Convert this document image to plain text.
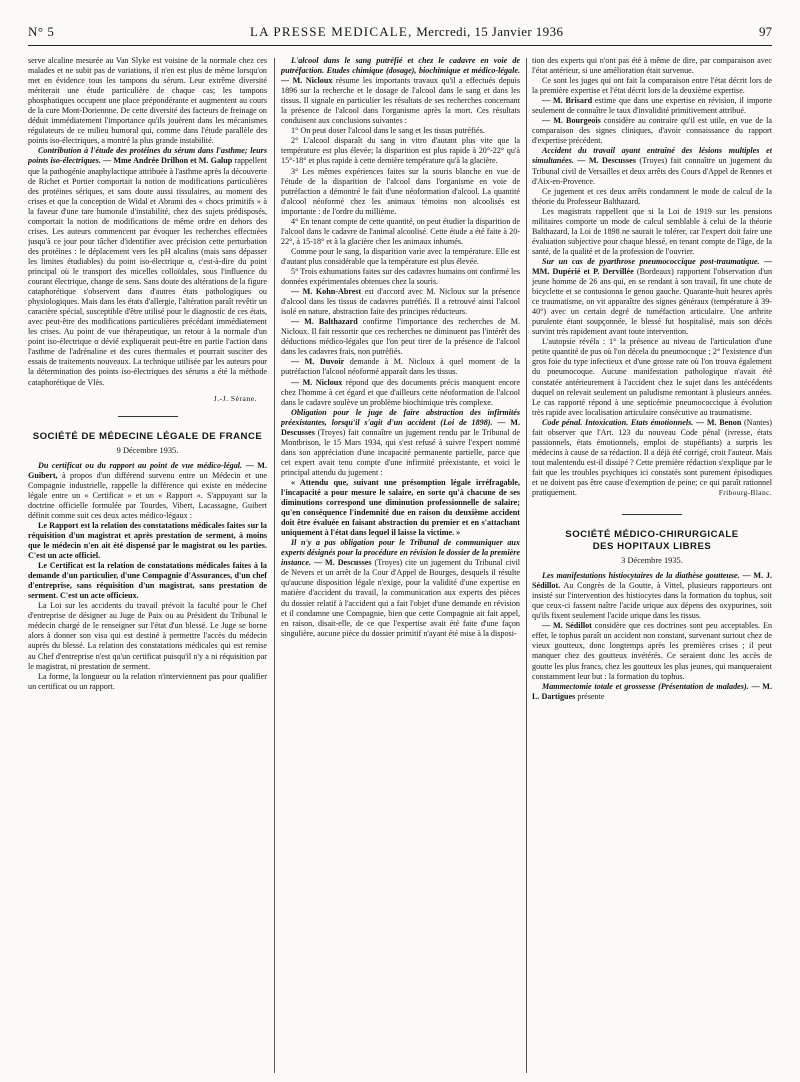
N° 5	LA PRESSE MEDICALE, Mercredi, 15 Janvier 1936	97

serve alcaline mesurée au Van Slyke est voisine de la normale chez ces malades et ne subit pas de variations, il n'en est plus de même lorsqu'on met en évidence tous les tampons du sérum. Leur extrême diversité mériterait une étude particulière de chaque cas; les tampons phosphatiques occupent une place prépondérante et augmentent au cours de la cure Mont-Doriennne. De cette diversité des facteurs de freinage on déduit immédiatement l'importance qu'ils jouèrent dans les mécanismes régulateurs de ce milieu humoral qui, comme dans l'étude parallèle des points iso-électriques, a montré la plus grande instabilité.

Contribution à l'étude des protéines du sérum dans l'asthme; leurs points iso-électriques. — Mme Andrée Drilhon et M. Galup rappellent que la pathogénie anaphylactique attribuée à l'asthme après la découverte de Richet et Portier comportait la notion de modifications particulières des protéines sériques, et sans doute aussi tissulaires, au moment des crises et que la conception de Widal et Abrami des « chocs primitifs » à la faveur d'une tare humorale d'instabilité, chez des sujets prédisposés, comportait la notion de modifications de même ordre en dehors des crises. Les auteurs commencent par évoquer les recherches effectuées jusqu'à ce jour pour tâcher d'identifier avec précision cette perturbation des protéines : le déplacement vers les pH alcalins (mais sans dépasser les limites étudiables) du point iso-électrique α, c'est-à-dire du point principal où le transport des micelles colloïdales, sous l'influence du courant électrique, change de sens. Sans doute des altérations de la figure cataphorétique s'observent dans d'autres états pathologiques ou physiologiques. Mais dans les états d'allergie, l'altération paraît revêtir un caractère spécial, susceptible d'être utilisé pour le diagnostic de ces états, avec peut-être des modifications particulières précédant immédiatement les crises. Au point de vue thérapeutique, un retour à la normale d'un point iso-électrique α dévié expliquerait peut-être en partie l'action dans l'asthme de l'adrénaline et des cures thermales et pourrait susciter des essais de traitements nouveaux. La technique utilisée par les auteurs pour la détermination des points iso-électriques des sérums a été la méthode cataphorétique de Vlès.

J.-J. Sérane.
SOCIÉTÉ DE MÉDECINE LÉGALE DE FRANCE
9 Décembre 1935.

Du certificat ou du rapport au point de vue médico-légal. — M. Guibert, à propos d'un différend survenu entre un Médecin et une Compagnie industrielle, rappelle la différence qui existe en médecine légale entre un « Certificat » et un « Rapport ». S'appuyant sur la doctrine officielle formulée par Tourdes, Vibert, Lacassagne, Guibert définit comme suit ces deux actes médico-légaux :

Le Rapport est la relation des constatations médicales faites sur la réquisition d'un magistrat et après prestation de serment, à moins que le médecin n'en ait été dispensé par le magistrat ou les parties. C'est un acte officiel.

Le Certificat est la relation de constatations médicales faites à la demande d'un particulier, d'une Compagnie d'Assurances, d'un chef d'entreprise, sans réquisition d'un magistrat, sans prestation de serment. C'est un acte officieux.

La Loi sur les accidents du travail prévoit la faculté pour le Chef d'entreprise de désigner au Juge de Paix ou au Président du Tribunal le médecin chargé de le renseigner sur l'état d'un blessé. Le Juge se borne alors à donner son visa qui est destiné à permettre l'accès du médecin auprès du blessé. La relation des constatations médicales qui est remise au Chef d'entreprise n'est qu'un certificat puisqu'il n'y a ni réquisition par le magistrat, ni prestation de serment.

La forme, la longueur ou la relation n'interviennent pas pour qualifier un certificat ou un rapport.

L'alcool dans le sang putréfié et chez le cadavre en voie de putréfaction. Etudes chimique (dosage), biochimique et médico-légale. — M. Nicloux résume les importants travaux qu'il a effectués depuis 1896 sur la recherche et le dosage de l'alcool dans le sang et dans les tissus. Il signale en particulier les résultats de ses recherches concernant la présence de l'alcool dans l'organisme après la mort. Ces résultats conduisent aux conclusions suivantes :

1° On peut doser l'alcool dans le sang et les tissus putréfiés.

2° L'alcool disparaît du sang in vitro d'autant plus vite que la température est plus élevée; la disparition est plus rapide à 20°-22° qu'à 15°-18° et plus rapide à cette dernière température qu'à la glacière.

3° Les mêmes expériences faites sur la souris blanche en vue de l'étude de la disparition de l'alcool dans l'organisme en voie de putréfaction a démontré le fait d'une néoformation d'alcool. La quantité d'alcool néoformé chez les animaux témoins non alcoolisés est importante : de l'ordre du millième.

4° En tenant compte de cette quantité, on peut étudier la disparition de l'alcool dans le cadavre de l'animal alcoolisé. Cette étude a été faite à 20-22°, à 15-18° et à la glacière chez les animaux inhumés.

Comme pour le sang, la disparition varie avec la température. Elle est d'autant plus considérable que la température est plus élevée.

5° Trois exhumations faites sur des cadavres humains ont confirmé les données expérimentales obtenues chez la souris.

— M. Kohn-Abrest est d'accord avec M. Nicloux sur la présence d'alcool dans les tissus de cadavres putréfiés. Il a retrouvé ainsi l'alcool isolé en nature, abstraction faite des principes réducteurs.

— M. Balthazard confirme l'importance des recherches de M. Nicloux. Il fait ressortir que ces recherches ne diminuent pas l'intérêt des déductions médico-légales que l'on peut tirer de la présence de l'alcool dans les cadavres frais, non putréfiés.

— M. Duvoir demande à M. Nicloux à quel moment de la putréfaction l'alcool néoformé apparaît dans les tissus.

— M. Nicloux répond que des documents précis manquent encore chez l'homme à cet égard et que d'ailleurs cette néoformation de l'alcool dans le cadavre soulève un problème biochimique très complexe.

Obligation pour le juge de faire abstraction des infirmités préexistantes, lorsqu'il s'agit d'un accident (Loi de 1898). — M. Descusses (Troyes) fait connaître un jugement rendu par le Tribunal de Montbrison, le 15 Mars 1934, qui s'est refusé à suivre l'expert nommé dans son appréciation d'une incapacité permanente partielle, parce que cet expert avait tenu compte d'une infirmité préexistante, et voici le principal attendu du jugement :

« Attendu que, suivant une présomption légale irréfragable, l'incapacité a pour mesure le salaire, en sorte qu'à chacune de ses diminutions correspond une diminution professionnelle de salaire; qu'en conséquence l'indemnité due en raison du deuxième accident doit être évaluée en faisant abstraction du premier et en s'attachant uniquement à l'état dans lequel il laisse la victime. »

Il n'y a pas obligation pour le Tribunal de communiquer aux experts désignés pour la procédure en révision le dossier de la première instance. — M. Descusses (Troyes) cite un jugement du Tribunal civil de Nevers et un arrêt de la Cour d'Appel de Bourges, desquels il résulte qu'aucune disposition légale n'exige, pour la validité d'une expertise en matière d'accident du travail, la communication aux experts des pièces du dossier relatif à l'accident qui a fait l'objet d'une demande en révision et il condamne une Compagnie, bien que cette Compagnie ait fait appel, en raison, disait-elle, de ce que l'expertise avait été faite d'une façon singulière, aucune pièce du dossier primitif n'ayant été mise à la disposi-

tion des experts qui n'ont pas été à même de dire, par comparaison avec l'état antérieur, si une amélioration était survenue.

Ce sont les juges qui ont fait la comparaison entre l'état décrit lors de la première expertise et l'état décrit lors de la deuxième expertise.

— M. Brisard estime que dans une expertise en révision, il importe seulement de connaître le taux d'invalidité primitivement attribué.

— M. Bourgeois considère au contraire qu'il est utile, en vue de la comparaison des signes cliniques, d'avoir connaissance du rapport d'expertise précédent.

Accident du travail ayant entraîné des lésions multiples et simultanées. — M. Descusses (Troyes) fait connaître un jugement du Tribunal civil de Versailles et deux arrêts des Cours d'Appel de Rennes et d'Aix-en-Provence.

Ce jugement et ces deux arrêts condamnent le mode de calcul de la théorie du Professeur Balthazard.

Les magistrats rappellent que si la Loi de 1919 sur les pensions militaires comporte un mode de calcul semblable à celui de la théorie Balthazard, la Loi de 1898 ne saurait le tolérer, car l'expert doit faire une évaluation subjective pour chaque blessé, en tenant compte de l'âge, de la santé, de la qualité et de la profession de l'ouvrier.

Sur un cas de pyarthrose pneumococcique post-traumatique. — MM. Dupérié et P. Dervillée (Bordeaux) rapportent l'observation d'un jeune homme de 26 ans qui, en se rendant à son travail, fit une chute de bicyclette et se contusionna le genou gauche. Quarante-huit heures après ce traumatisme, on vit apparaître des signes généraux (température à 39-40°) avec un certain degré de tuméfaction articulaire. Une arthrite purulente étant soupçonnée, le blessé fut hospitalisé, mais son décès survint très rapidement avant toute intervention.

L'autopsie révéla : 1° la présence au niveau de l'articulation d'une petite quantité de pus où l'on décela du pneumocoque ; 2° l'existence d'un gros foie du type infectieux et d'une grosse rate où l'on trouva également du pneumocoque. Aucune manifestation pathologique n'avait été constatée antérieurement à l'accident chez le sujet dans les antécédents duquel on relevait seulement un paludisme remontant à plusieurs années. Le cas rapporté répond à une septicémie pneumococcique à évolution très rapide avec localisation articulaire consécutive au traumatisme.

Code pénal. Intoxication. Etats émotionnels. — M. Benon (Nantes) fait observer que l'Art. 123 du nouveau Code pénal (ivresse, états passionnels, états émotionnels, emploi de stupéfiants) a surpris les médecins à cause de sa rédaction. Il a déjà été corrigé, croit l'auteur. Mais tout malentendu est-il dissipé ? Cette première rédaction s'explique par le fait que les troubles psychiques ici constatés sont purement épisodiques et ne doivent pas être cause d'exemption de peine; ce qui paraît rationnel pratiquement.	Fribourg-Blanc.

SOCIÉTÉ MÉDICO-CHIRURGICALE
DES HOPITAUX LIBRES
3 Décembre 1935.

Les manifestations histiocytaires de la diathèse goutteuse. — M. J. Sédillot. Au Congrès de la Goutte, à Vittel, plusieurs rapporteurs ont insisté sur l'intervention des histiocytes dans la formation du tophus, soit que ceux-ci fassent naître l'acide urique aux dépens des oxypurines, soit qu'ils fixent seulement l'acide urique dans les tissus.

— M. Sédillot considère que ces doctrines sont peu acceptables. En effet, le tophus paraît un accident non constant, survenant surtout chez de vieux goutteux, donc longtemps après les premières crises ; il peut manquer chez des goutteux invétérés. Ce seraient donc les accès de goutte les plus francs, chez les goutteux les plus jeunes, qui manqueraient constamment leur but : la formation du tophus.

Mammectomie totale et grossesse (Présentation de malades). — M. L. Dartigues présente
